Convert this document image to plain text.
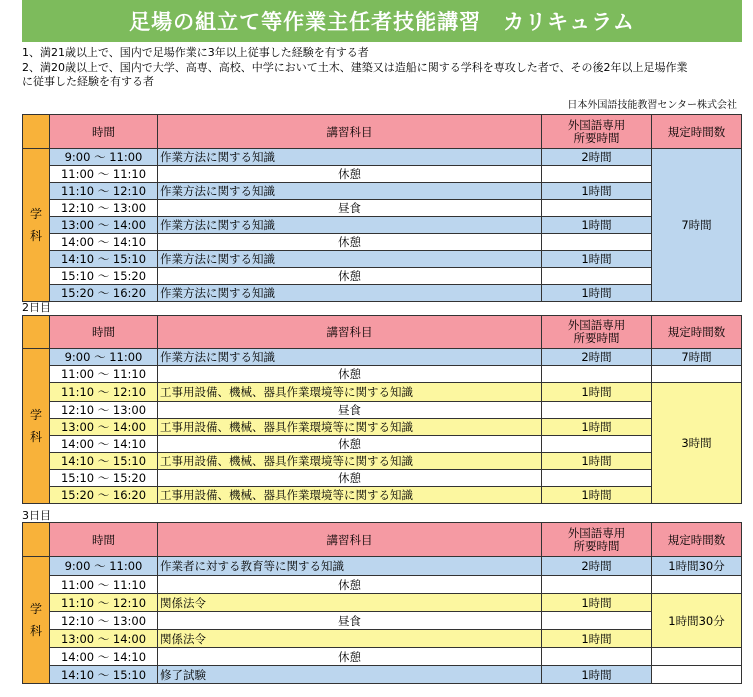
足場の組立て等作業主任者技能講習　カリキュラム
1、満21歳以上で、国内で足場作業に3年以上従事した経験を有する者
2、満20歳以上で、国内で大学、高専、高校、中学において土木、建築又は造船に関する学科を専攻した者で、その後2年以上足場作業
に従事した経験を有する者
日本外国語技能教習センター株式会社
	時間	講習科目	外国語専用
所要時間	規定時間数
学
科	9:00 ～ 11:00	作業方法に関する知識	2時間	7時間
	11:00 ～ 11:10	休憩		
	11:10 ～ 12:10	作業方法に関する知識	1時間	
	12:10 ～ 13:00	昼食		
	13:00 ～ 14:00	作業方法に関する知識	1時間	
	14:00 ～ 14:10	休憩		
	14:10 ～ 15:10	作業方法に関する知識	1時間	
	15:10 ～ 15:20	休憩		
	15:20 ～ 16:20	作業方法に関する知識	1時間	
2日目
	時間	講習科目	外国語専用
所要時間	規定時間数
学
科	9:00 ～ 11:00	作業方法に関する知識	2時間	7時間
	11:00 ～ 11:10	休憩		
	11:10 ～ 12:10	工事用設備、機械、器具作業環境等に関する知識	1時間	3時間
	12:10 ～ 13:00	昼食		
	13:00 ～ 14:00	工事用設備、機械、器具作業環境等に関する知識	1時間	
	14:00 ～ 14:10	休憩		
	14:10 ～ 15:10	工事用設備、機械、器具作業環境等に関する知識	1時間	
	15:10 ～ 15:20	休憩		
	15:20 ～ 16:20	工事用設備、機械、器具作業環境等に関する知識	1時間	
3日目
	時間	講習科目	外国語専用
所要時間	規定時間数
学
科	9:00 ～ 11:00	作業者に対する教育等に関する知識	2時間	1時間30分
	11:00 ～ 11:10	休憩		
	11:10 ～ 12:10	関係法令	1時間	1時間30分
	12:10 ～ 13:00	昼食		
	13:00 ～ 14:00	関係法令	1時間	
	14:00 ～ 14:10	休憩		
	14:10 ～ 15:10	修了試験	1時間	
